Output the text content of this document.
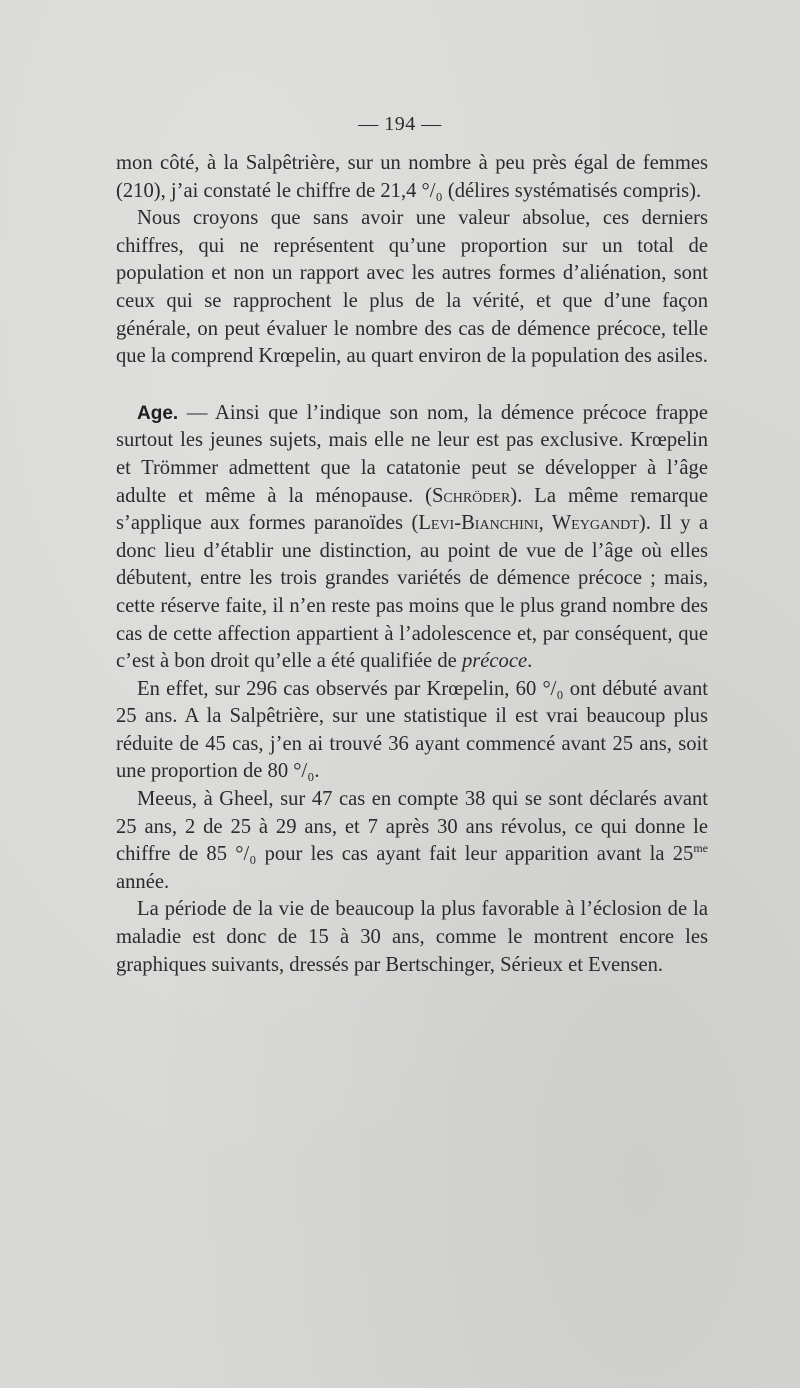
— 194 —

mon côté, à la Salpêtrière, sur un nombre à peu près égal de femmes (210), j’ai constaté le chiffre de 21,4 °/₀ (délires systématisés compris).

Nous croyons que sans avoir une valeur absolue, ces derniers chiffres, qui ne représentent qu’une proportion sur un total de population et non un rapport avec les autres formes d’aliénation, sont ceux qui se rapprochent le plus de la vérité, et que d’une façon générale, on peut évaluer le nombre des cas de démence précoce, telle que la comprend Krœpelin, au quart environ de la population des asiles.

Age. — Ainsi que l’indique son nom, la démence précoce frappe surtout les jeunes sujets, mais elle ne leur est pas exclusive. Krœpelin et Trömmer admettent que la catatonie peut se développer à l’âge adulte et même à la ménopause. (Schröder). La même remarque s’applique aux formes paranoïdes (Levi-Bianchini, Weygandt). Il y a donc lieu d’établir une distinction, au point de vue de l’âge où elles débutent, entre les trois grandes variétés de démence précoce ; mais, cette réserve faite, il n’en reste pas moins que le plus grand nombre des cas de cette affection appartient à l’adolescence et, par conséquent, que c’est à bon droit qu’elle a été qualifiée de précoce.

En effet, sur 296 cas observés par Krœpelin, 60 °/₀ ont débuté avant 25 ans. A la Salpêtrière, sur une statistique il est vrai beaucoup plus réduite de 45 cas, j’en ai trouvé 36 ayant commencé avant 25 ans, soit une proportion de 80 °/₀.

Meeus, à Gheel, sur 47 cas en compte 38 qui se sont déclarés avant 25 ans, 2 de 25 à 29 ans, et 7 après 30 ans révolus, ce qui donne le chiffre de 85 °/₀ pour les cas ayant fait leur apparition avant la $25^{me}$ année.

La période de la vie de beaucoup la plus favorable à l’éclosion de la maladie est donc de 15 à 30 ans, comme le montrent encore les graphiques suivants, dressés par Bertschinger, Sérieux et Evensen.
